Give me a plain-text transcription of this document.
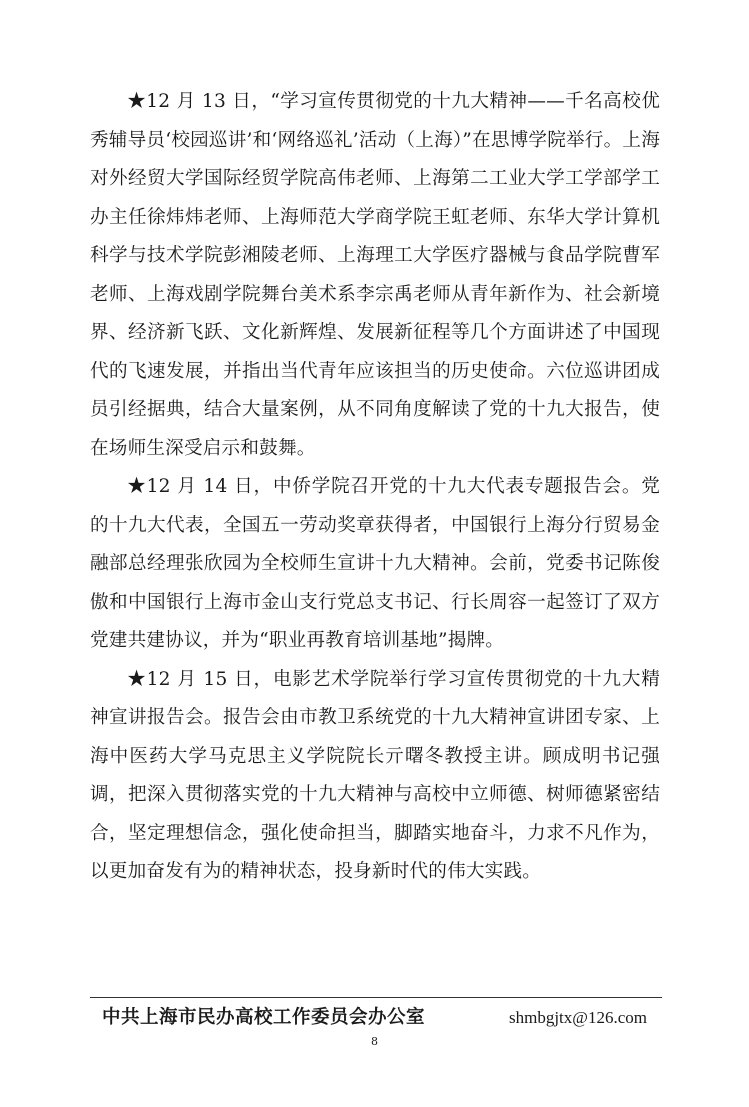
★12 月 13 日，“学习宣传贯彻党的十九大精神——千名高校优秀辅导员‘校园巡讲’和‘网络巡礼’活动（上海）”在思博学院举行。上海对外经贸大学国际经贸学院高伟老师、上海第二工业大学工学部学工办主任徐炜炜老师、上海师范大学商学院王虹老师、东华大学计算机科学与技术学院彭湘陵老师、上海理工大学医疗器械与食品学院曹军老师、上海戏剧学院舞台美术系李宗禹老师从青年新作为、社会新境界、经济新飞跃、文化新辉煌、发展新征程等几个方面讲述了中国现代的飞速发展，并指出当代青年应该担当的历史使命。六位巡讲团成员引经据典，结合大量案例，从不同角度解读了党的十九大报告，使在场师生深受启示和鼓舞。

★12 月 14 日，中侨学院召开党的十九大代表专题报告会。党的十九大代表，全国五一劳动奖章获得者，中国银行上海分行贸易金融部总经理张欣园为全校师生宣讲十九大精神。会前，党委书记陈俊傲和中国银行上海市金山支行党总支书记、行长周容一起签订了双方党建共建协议，并为“职业再教育培训基地”揭牌。

★12 月 15 日，电影艺术学院举行学习宣传贯彻党的十九大精神宣讲报告会。报告会由市教卫系统党的十九大精神宣讲团专家、上海中医药大学马克思主义学院院长亓曙冬教授主讲。顾成明书记强调，把深入贯彻落实党的十九大精神与高校中立师德、树师德紧密结合，坚定理想信念，强化使命担当，脚踏实地奋斗，力求不凡作为，以更加奋发有为的精神状态，投身新时代的伟大实践。

中共上海市民办高校工作委员会办公室	shmbgjtx@126.com
8
